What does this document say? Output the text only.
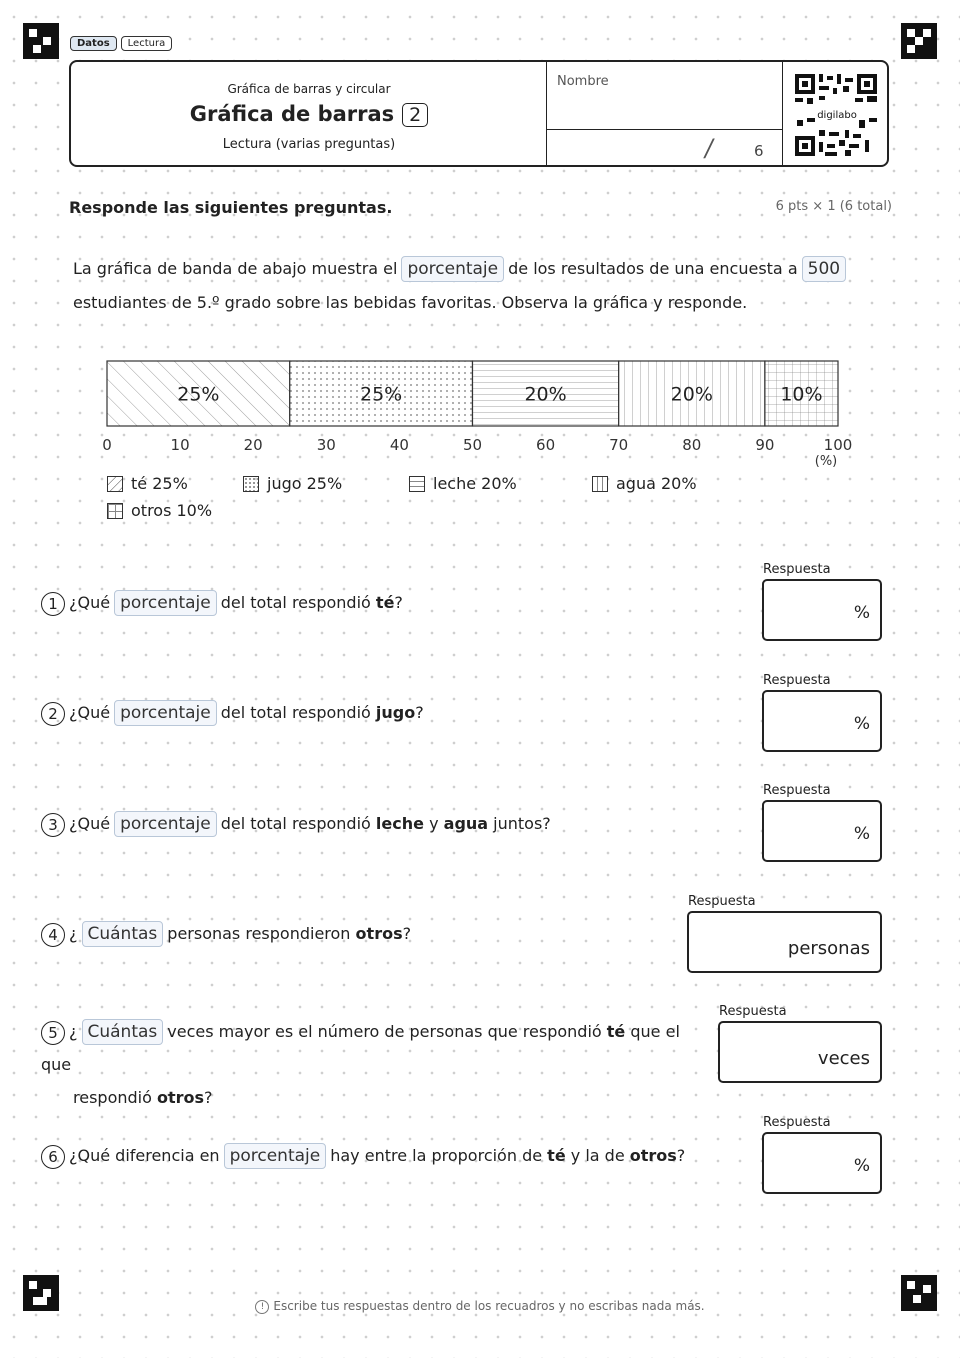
Datos	Lectura
Gráfica de barras y circular
Gráfica de barras 2
Lectura (varias preguntas)
Nombre
/	6
digilabo
Responde las siguientes preguntas.	6 pts × 1 (6 total)
La gráfica de banda de abajo muestra el porcentaje de los resultados de una encuesta a 500
estudiantes de 5.º grado sobre las bebidas favoritas. Observa la gráfica y responde.
25%	25%	20%	20%	10%
0	10	20	30	40	50	60	70	80	90	100
(%)
té 25%	jugo 25%	leche 20%	agua 20%
otros 10%
1 ¿Qué porcentaje del total respondió té?
Respuesta
%
2 ¿Qué porcentaje del total respondió jugo?
Respuesta
%
3 ¿Qué porcentaje del total respondió leche y agua juntos?
Respuesta
%
4 ¿ Cuántas personas respondieron otros?
Respuesta
personas
5 ¿ Cuántas veces mayor es el número de personas que respondió té que el que
respondió otros?
Respuesta
veces
6 ¿Qué diferencia en porcentaje hay entre la proporción de té y la de otros?
Respuesta
%
! Escribe tus respuestas dentro de los recuadros y no escribas nada más.
